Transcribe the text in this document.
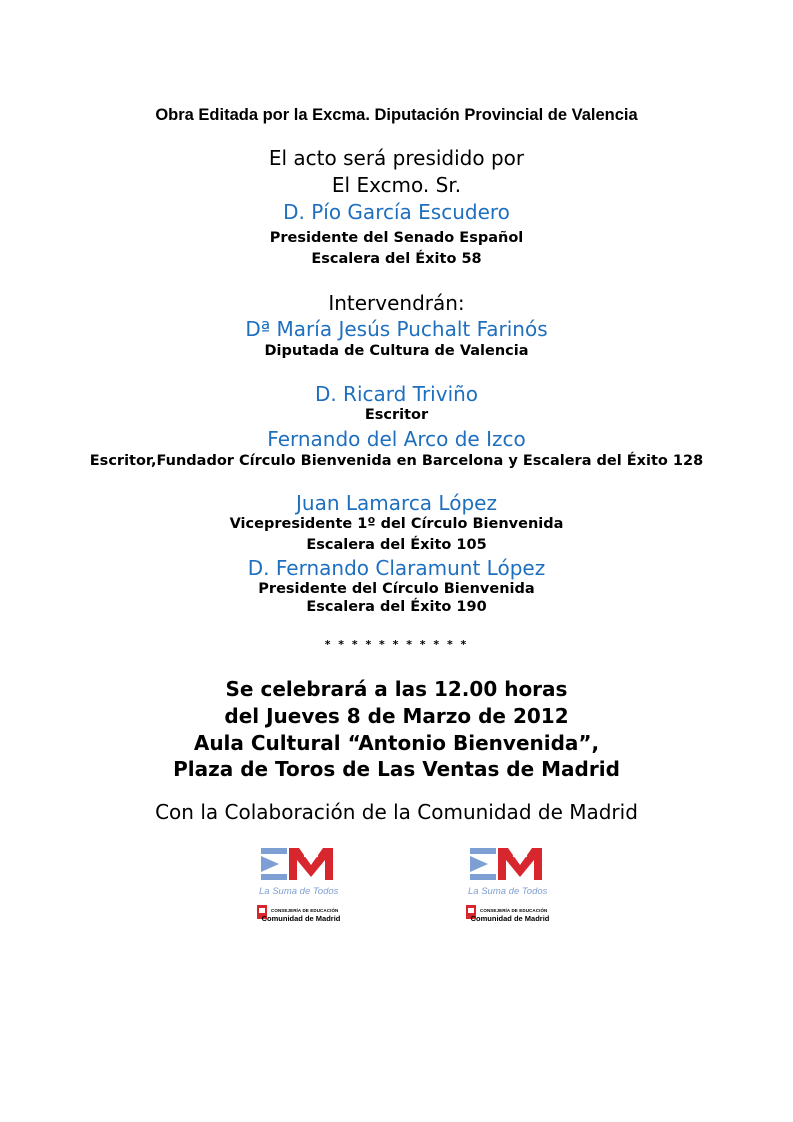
Obra Editada por la Excma. Diputación Provincial de Valencia
El acto será presidido por
El Excmo. Sr.
D. Pío García Escudero
Presidente del Senado Español
Escalera del Éxito 58
Intervendrán:
Dª María Jesús Puchalt Farinós
Diputada de Cultura de Valencia
D. Ricard Triviño
Escritor
Fernando del Arco de Izco
Escritor,Fundador Círculo Bienvenida en Barcelona y Escalera del Éxito 128
Juan Lamarca López
Vicepresidente 1º del Círculo Bienvenida
Escalera del Éxito 105
D. Fernando Claramunt López
Presidente del Círculo Bienvenida
Escalera del Éxito 190
* * * * * * * * * * *
Se celebrará a las 12.00 horas
del Jueves 8 de Marzo de 2012
Aula Cultural “Antonio Bienvenida”,
Plaza de Toros de Las Ventas de Madrid
Con la Colaboración de la Comunidad de Madrid
La Suma de Todos
CONSEJERÍA DE EDUCACIÓN
Comunidad de Madrid
La Suma de Todos
CONSEJERÍA DE EDUCACIÓN
Comunidad de Madrid
